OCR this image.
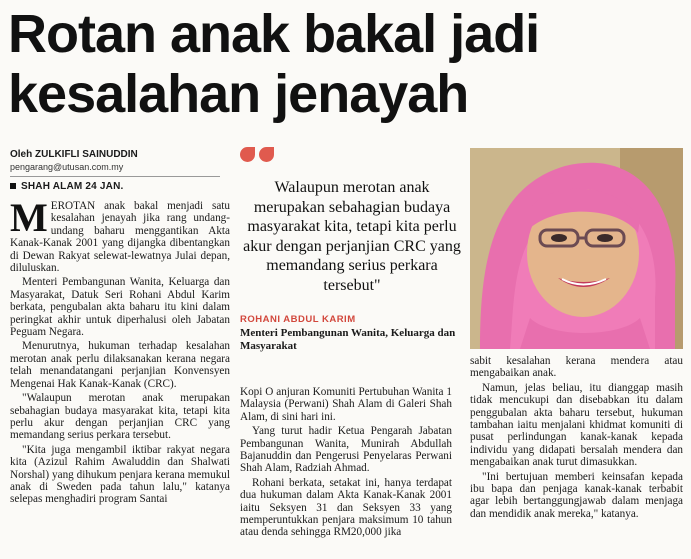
Rotan anak bakal jadi
kesalahan jenayah
Oleh ZULKIFLI SAINUDDIN
pengarang@utusan.com.my
SHAH ALAM 24 JAN.
M EROTAN anak bakal menjadi satu kesalahan jenayah jika rang undang-undang baharu menggantikan Akta Kanak-Kanak 2001 yang dijangka dibentangkan di Dewan Rakyat selewat-lewatnya Julai depan, diluluskan.

Menteri Pembangunan Wanita, Keluarga dan Masyarakat, Datuk Seri Rohani Abdul Karim berkata, pengubalan akta baharu itu kini dalam peringkat akhir untuk diperhalusi oleh Jabatan Peguam Negara.

Menurutnya, hukuman terhadap kesalahan merotan anak perlu dilaksanakan kerana negara telah menandatangani perjanjian Konvensyen Mengenai Hak Kanak-Kanak (CRC).

"Walaupun merotan anak merupakan sebahagian budaya masyarakat kita, tetapi kita perlu akur dengan perjanjian CRC yang memandang serius perkara tersebut.

"Kita juga mengambil iktibar rakyat negara kita (Azizul Rahim Awaluddin dan Shalwati Norshal) yang dihukum penjara kerana memukul anak di Sweden pada tahun lalu," katanya selepas menghadiri program Santai

Walaupun merotan anak merupakan sebahagian budaya masyarakat kita, tetapi kita perlu akur dengan perjanjian CRC yang memandang serius perkara tersebut"
ROHANI ABDUL KARIM
Menteri Pembangunan Wanita, Keluarga dan Masyarakat

Kopi O anjuran Komuniti Pertubuhan Wanita 1 Malaysia (Perwani) Shah Alam di Galeri Shah Alam, di sini hari ini.

Yang turut hadir Ketua Pengarah Jabatan Pembangunan Wanita, Munirah Abdullah Bajanuddin dan Pengerusi Penyelaras Perwani Shah Alam, Radziah Ahmad.

Rohani berkata, setakat ini, hanya terdapat dua hukuman dalam Akta Kanak-Kanak 2001 iaitu Seksyen 31 dan Seksyen 33 yang memperuntukkan penjara maksimum 10 tahun atau denda sehingga RM20,000 jika

sabit kesalahan kerana mendera atau mengabaikan anak.

Namun, jelas beliau, itu dianggap masih tidak mencukupi dan disebabkan itu dalam penggubalan akta baharu tersebut, hukuman tambahan iaitu menjalani khidmat komuniti di pusat perlindungan kanak-kanak kepada individu yang didapati bersalah mendera dan mengabaikan anak turut dimasukkan.

"Ini bertujuan memberi keinsafan kepada ibu bapa dan penjaga kanak-kanak terbabit agar lebih bertanggungjawab dalam menjaga dan mendidik anak mereka," katanya.
